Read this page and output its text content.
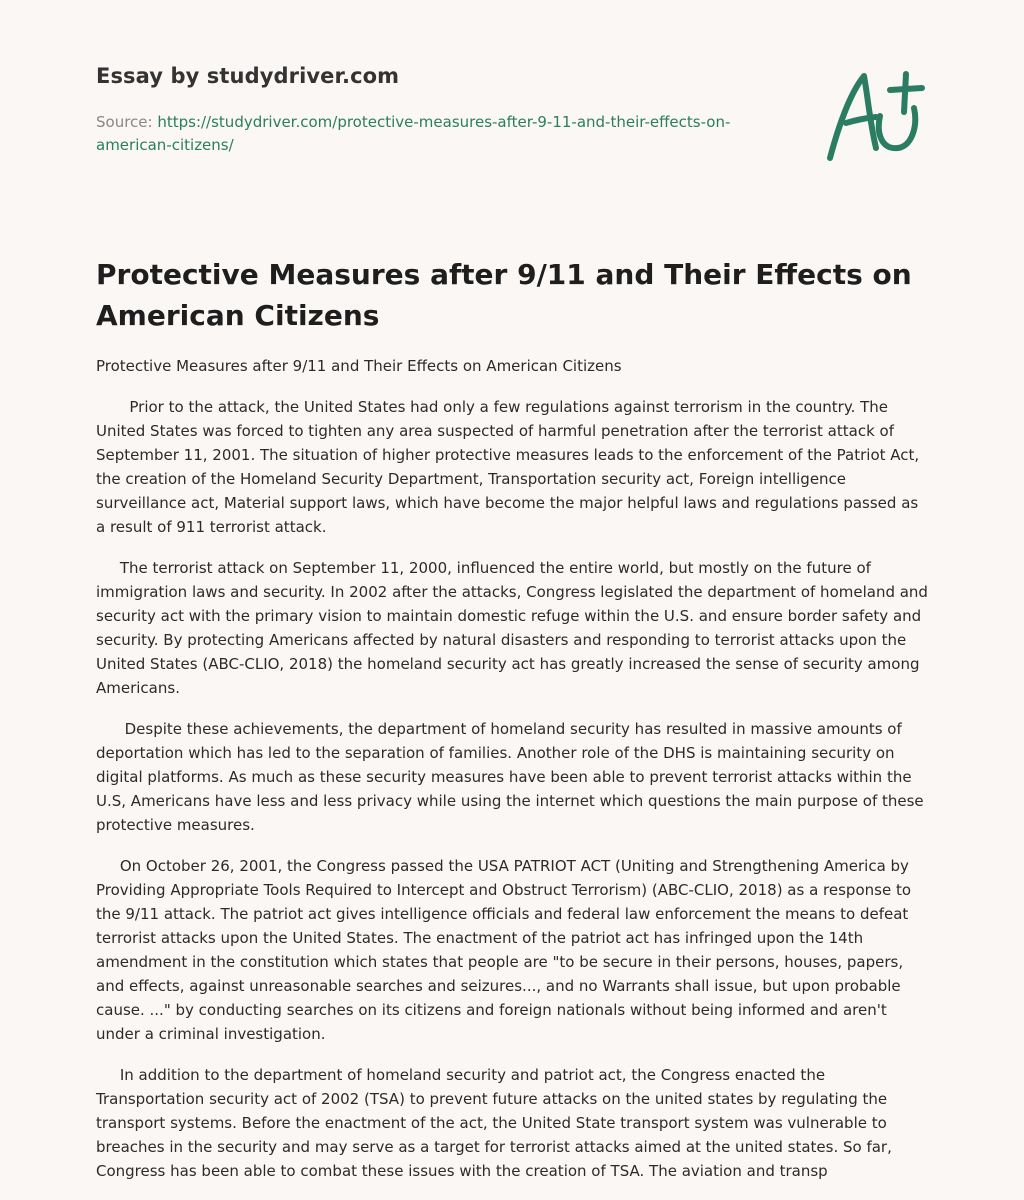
Essay by studydriver.com
Source: https://studydriver.com/protective-measures-after-9-11-and-their-effects-on-american-citizens/
Protective Measures after 9/11 and Their Effects on American Citizens

Protective Measures after 9/11 and Their Effects on American Citizens

Prior to the attack, the United States had only a few regulations against terrorism in the country. The United States was forced to tighten any area suspected of harmful penetration after the terrorist attack of September 11, 2001. The situation of higher protective measures leads to the enforcement of the Patriot Act, the creation of the Homeland Security Department, Transportation security act, Foreign intelligence surveillance act, Material support laws, which have become the major helpful laws and regulations passed as a result of 911 terrorist attack.

The terrorist attack on September 11, 2000, influenced the entire world, but mostly on the future of immigration laws and security. In 2002 after the attacks, Congress legislated the department of homeland and security act with the primary vision to maintain domestic refuge within the U.S. and ensure border safety and security. By protecting Americans affected by natural disasters and responding to terrorist attacks upon the United States (ABC-CLIO, 2018) the homeland security act has greatly increased the sense of security among Americans.

Despite these achievements, the department of homeland security has resulted in massive amounts of deportation which has led to the separation of families. Another role of the DHS is maintaining security on digital platforms. As much as these security measures have been able to prevent terrorist attacks within the U.S, Americans have less and less privacy while using the internet which questions the main purpose of these protective measures.

On October 26, 2001, the Congress passed the USA PATRIOT ACT (Uniting and Strengthening America by Providing Appropriate Tools Required to Intercept and Obstruct Terrorism) (ABC-CLIO, 2018) as a response to the 9/11 attack. The patriot act gives intelligence officials and federal law enforcement the means to defeat terrorist attacks upon the United States. The enactment of the patriot act has infringed upon the 14th amendment in the constitution which states that people are "to be secure in their persons, houses, papers, and effects, against unreasonable searches and seizures..., and no Warrants shall issue, but upon probable cause. ..." by conducting searches on its citizens and foreign nationals without being informed and aren't under a criminal investigation.

In addition to the department of homeland security and patriot act, the Congress enacted the Transportation security act of 2002 (TSA) to prevent future attacks on the united states by regulating the transport systems. Before the enactment of the act, the United State transport system was vulnerable to breaches in the security and may serve as a target for terrorist attacks aimed at the united states. So far, Congress has been able to combat these issues with the creation of TSA. The aviation and transp
